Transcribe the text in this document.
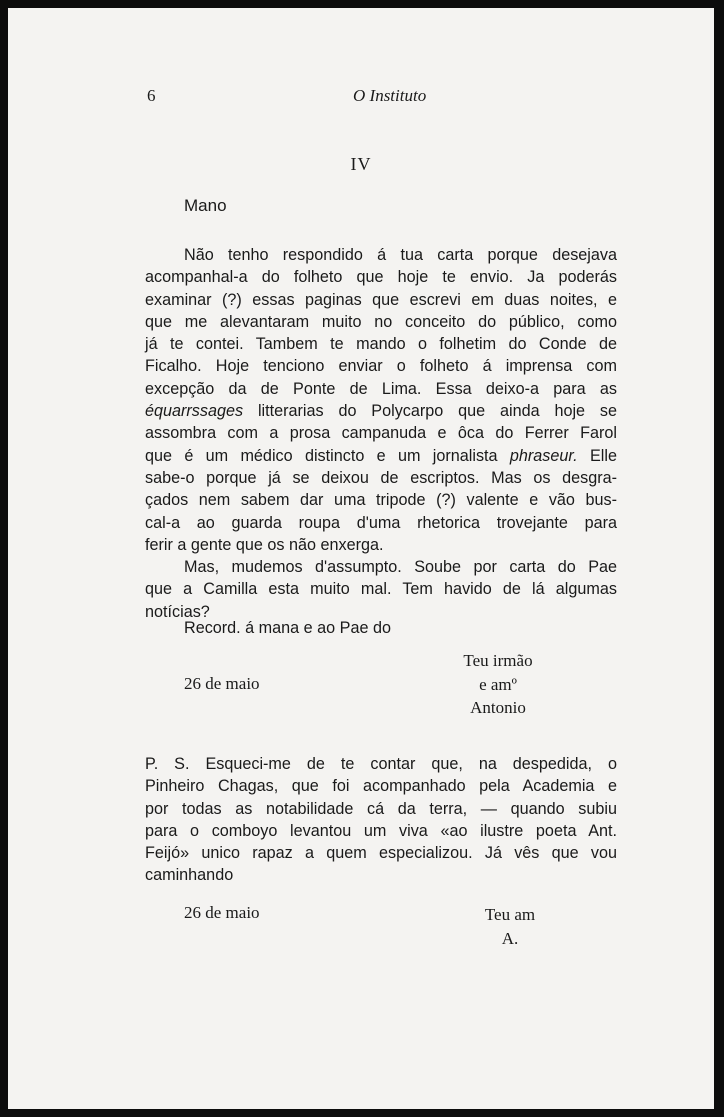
6	O Instituto
IV
Mano
Não tenho respondido á tua carta porque desejava
acompanhal-a do folheto que hoje te envio. Ja poderás
examinar (?) essas paginas que escrevi em duas noites, e
que me alevantaram muito no conceito do público, como
já te contei. Tambem te mando o folhetim do Conde de
Ficalho. Hoje tenciono enviar o folheto á imprensa com
excepção da de Ponte de Lima. Essa deixo-a para as
équarrssages litterarias do Polycarpo que ainda hoje se
assombra com a prosa campanuda e ôca do Ferrer Farol
que é um médico distincto e um jornalista phraseur. Elle
sabe-o porque já se deixou de escriptos. Mas os desgra-
çados nem sabem dar uma tripode (?) valente e vão bus-
cal-a ao guarda roupa d'uma rhetorica trovejante para
ferir a gente que os não enxerga.
Mas, mudemos d'assumpto. Soube por carta do Pae
que a Camilla esta muito mal. Tem havido de lá algumas
notícias?
Record. á mana e ao Pae do
Teu irmão
e amº
Antonio
26 de maio
P. S. Esqueci-me de te contar que, na despedida, o
Pinheiro Chagas, que foi acompanhado pela Academia e
por todas as notabilidade cá da terra, — quando subiu
para o comboyo levantou um viva «ao ilustre poeta Ant.
Feijó» unico rapaz a quem especializou. Já vês que vou
caminhando
26 de maio	Teu am
A.
